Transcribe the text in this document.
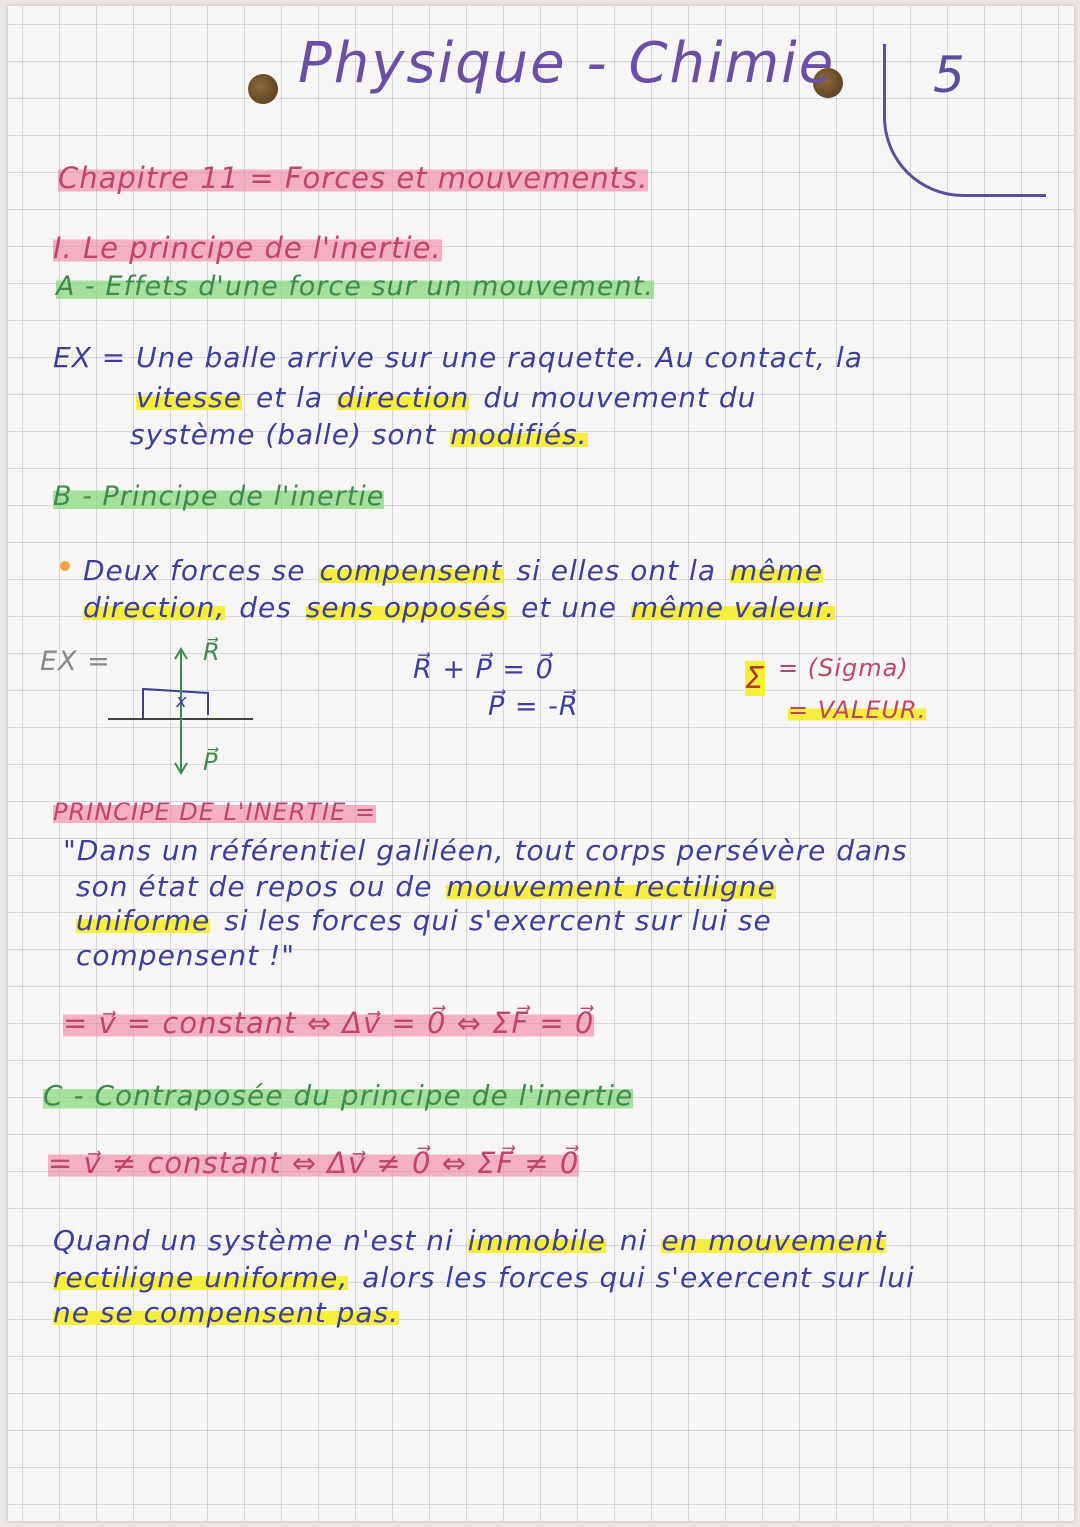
Physique - Chimie 5
Chapitre 11 = Forces et mouvements.
I. Le principe de l'inertie.
A - Effets d'une force sur un mouvement.
EX = Une balle arrive sur une raquette. Au contact, la
vitesse et la direction du mouvement du
système (balle) sont modifiés.
B - Principe de l'inertie
Deux forces se compensent si elles ont la même
direction, des sens opposés et une même valeur.
PRINCIPE DE L'INERTIE =
"Dans un référentiel galiléen, tout corps persévère dans
son état de repos ou de mouvement rectiligne
uniforme si les forces qui s'exercent sur lui se
compensent !"
= v⃗ = constant ⇔ Δv⃗ = 0⃗ ⇔ ΣF⃗ = 0⃗
C - Contraposée du principe de l'inertie
= v⃗ ≠ constant ⇔ Δv⃗ ≠ 0⃗ ⇔ ΣF⃗ ≠ 0⃗
Quand un système n'est ni immobile ni en mouvement
rectiligne uniforme, alors les forces qui s'exercent sur lui
ne se compensent pas.
EX =	R⃗
P⃗
x
R⃗ + P⃗ = 0⃗
P⃗ = -R⃗
Σ = (Sigma)
= VALEUR.
